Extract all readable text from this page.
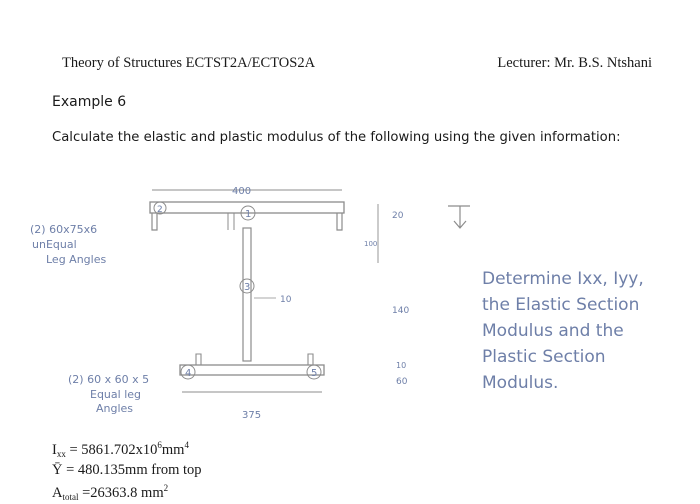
Theory of Structures ECTST2A/ECTOS2A	Lecturer: Mr. B.S. Ntshani
Example 6
Calculate the elastic and plastic modulus of the following using the given information:
400
1
3
10
4	5
2
375
(2) 60x75x6
unEqual
Leg Angles
(2) 60 x 60 x 5
Equal leg
Angles
20
100
140
10
60
Determine Ixx, Iyy,
the Elastic Section
Modulus and the
Plastic Section
Modulus.
$I_{xx} = 5861.702x10^6mm^4$
Ȳ = 480.135mm from top
$A_{total} =26363.8$ $mm^2$
